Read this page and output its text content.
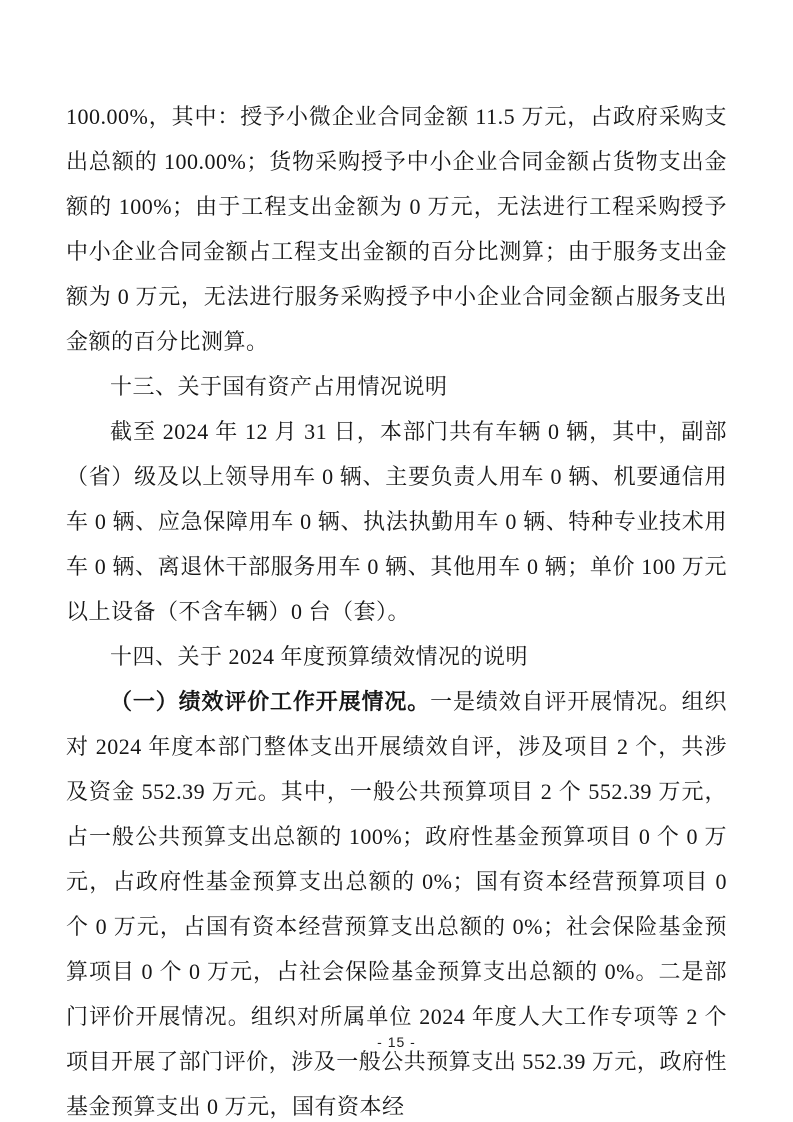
100.00%，其中：授予小微企业合同金额 11.5 万元，占政府采购支出总额的 100.00%；货物采购授予中小企业合同金额占货物支出金额的 100%；由于工程支出金额为 0 万元，无法进行工程采购授予中小企业合同金额占工程支出金额的百分比测算；由于服务支出金额为 0 万元，无法进行服务采购授予中小企业合同金额占服务支出金额的百分比测算。

十三、关于国有资产占用情况说明

截至 2024 年 12 月 31 日，本部门共有车辆 0 辆，其中，副部（省）级及以上领导用车 0 辆、主要负责人用车 0 辆、机要通信用车 0 辆、应急保障用车 0 辆、执法执勤用车 0 辆、特种专业技术用车 0 辆、离退休干部服务用车 0 辆、其他用车 0 辆；单价 100 万元以上设备（不含车辆）0 台（套）。

十四、关于 2024 年度预算绩效情况的说明

（一）绩效评价工作开展情况。一是绩效自评开展情况。组织对 2024 年度本部门整体支出开展绩效自评，涉及项目 2 个，共涉及资金 552.39 万元。其中，一般公共预算项目 2 个 552.39 万元，占一般公共预算支出总额的 100%；政府性基金预算项目 0 个 0 万元，占政府性基金预算支出总额的 0%；国有资本经营预算项目 0 个 0 万元，占国有资本经营预算支出总额的 0%；社会保险基金预算项目 0 个 0 万元，占社会保险基金预算支出总额的 0%。二是部门评价开展情况。组织对所属单位 2024 年度人大工作专项等 2 个项目开展了部门评价，涉及一般公共预算支出 552.39 万元，政府性基金预算支出 0 万元，国有资本经

- 15 -
